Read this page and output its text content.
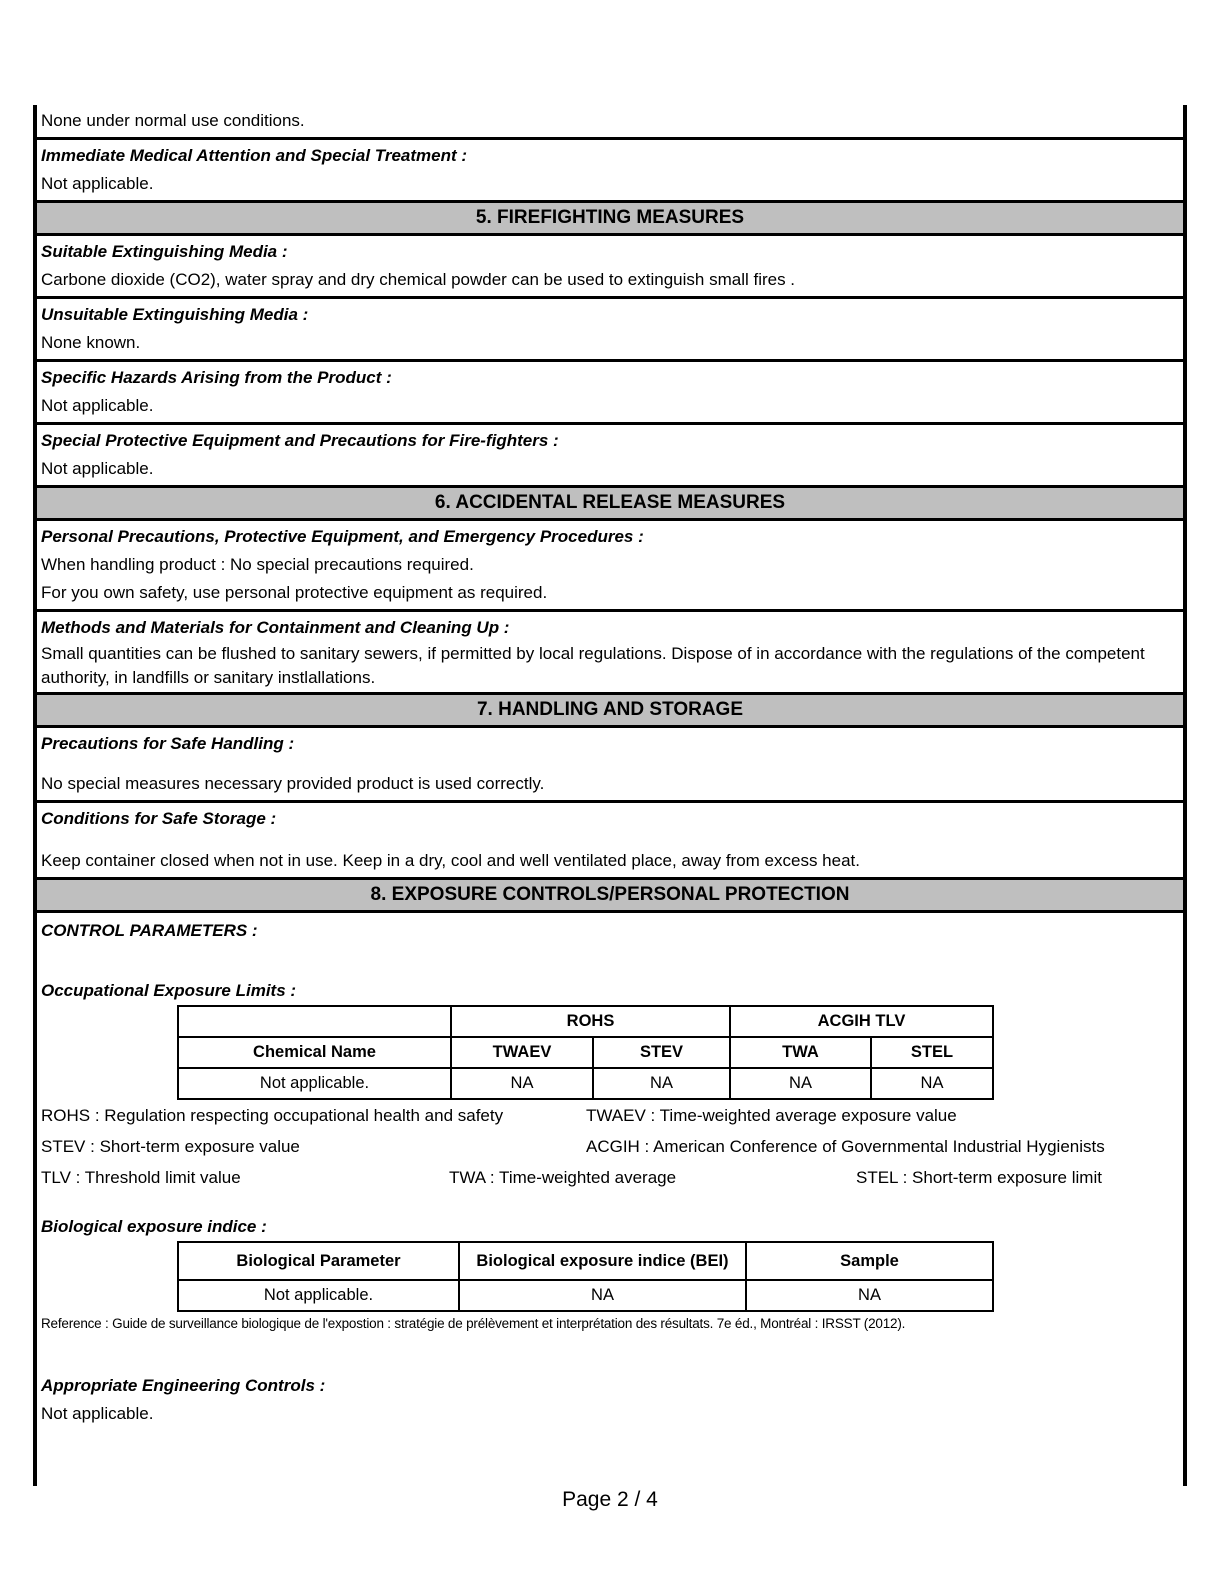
None under normal use conditions.
Immediate Medical Attention and Special Treatment :
Not applicable.
5. FIREFIGHTING MEASURES
Suitable Extinguishing Media :
Carbone dioxide (CO2), water spray and dry chemical powder can be used to extinguish small fires .
Unsuitable Extinguishing Media :
None known.
Specific Hazards Arising from the Product :
Not applicable.
Special Protective Equipment and Precautions for Fire-fighters :
Not applicable.
6. ACCIDENTAL RELEASE MEASURES
Personal Precautions, Protective Equipment, and Emergency Procedures :
When handling product : No special precautions required.
For you own safety, use personal protective equipment as required.
Methods and Materials for Containment and Cleaning Up :
Small quantities can be flushed to sanitary sewers, if permitted by local regulations. Dispose of in accordance with the regulations of the competent authority, in landfills or sanitary instlallations.
7. HANDLING AND STORAGE
Precautions for Safe Handling :
No special measures necessary provided product is used correctly.
Conditions for Safe Storage :
Keep container closed when not in use. Keep in a dry, cool and well ventilated place, away from excess heat.
8. EXPOSURE CONTROLS/PERSONAL PROTECTION
CONTROL PARAMETERS :
Occupational Exposure Limits :
	ROHS		ACGIH TLV	
Chemical Name	TWAEV	STEV	TWA	STEL
Not applicable.	NA	NA	NA	NA
ROHS : Regulation respecting occupational health and safety	TWAEV : Time-weighted average exposure value
STEV : Short-term exposure value	ACGIH : American Conference of Governmental Industrial Hygienists
TLV : Threshold limit value	TWA : Time-weighted average	STEL : Short-term exposure limit
Biological exposure indice :
Biological Parameter	Biological exposure indice (BEI)	Sample
Not applicable.	NA	NA
Reference : Guide de surveillance biologique de l'expostion : stratégie de prélèvement et interprétation des résultats. 7e éd., Montréal : IRSST (2012).
Appropriate Engineering Controls :
Not applicable.
Page 2 / 4
